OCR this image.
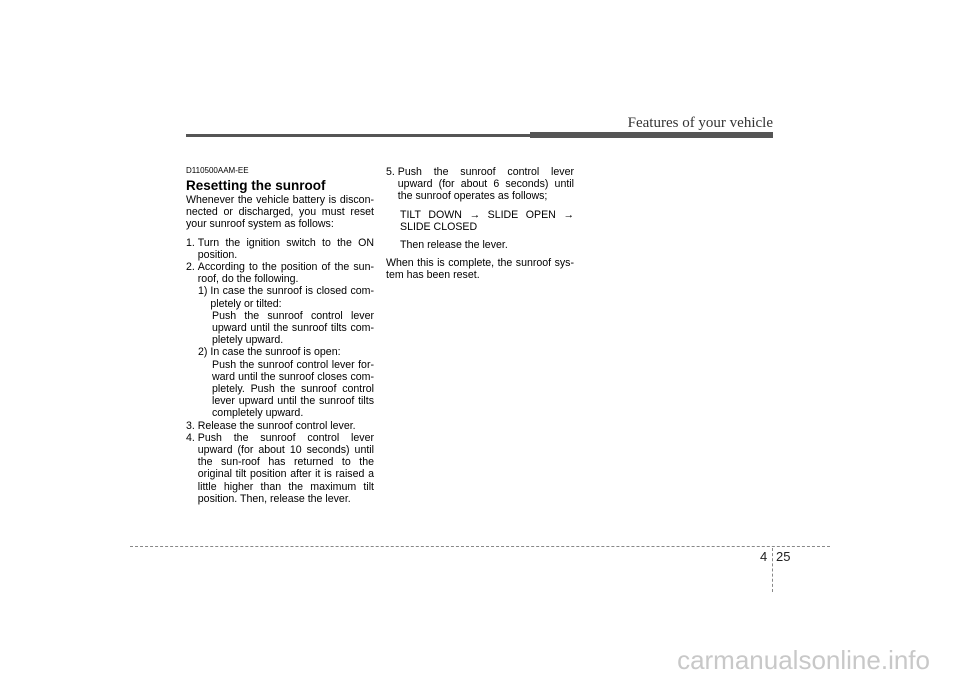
Features of your vehicle
D110500AAM-EE
Resetting the sunroof

Whenever the vehicle battery is discon-nected or discharged, you must reset your sunroof system as follows:

1. Turn the ignition switch to the ON position.
2. According to the position of the sun-roof, do the following.
1) In case the sunroof is closed com-pletely or tilted:

Push the sunroof control lever upward until the sunroof tilts com-pletely upward.

2) In case the sunroof is open:

Push the sunroof control lever for-ward until the sunroof closes com-pletely. Push the sunroof control lever upward until the sunroof tilts completely upward.

3. Release the sunroof control lever.
4. Push the sunroof control lever upward (for about 10 seconds) until the sun-roof has returned to the original tilt position after it is raised a little higher than the maximum tilt position. Then, release the lever.
5. Push the sunroof control lever upward (for about 6 seconds) until the sunroof operates as follows;

TILT DOWN → SLIDE OPEN → SLIDE CLOSED

Then release the lever.

When this is complete, the sunroof sys-tem has been reset.

4 25
carmanualsonline.info
